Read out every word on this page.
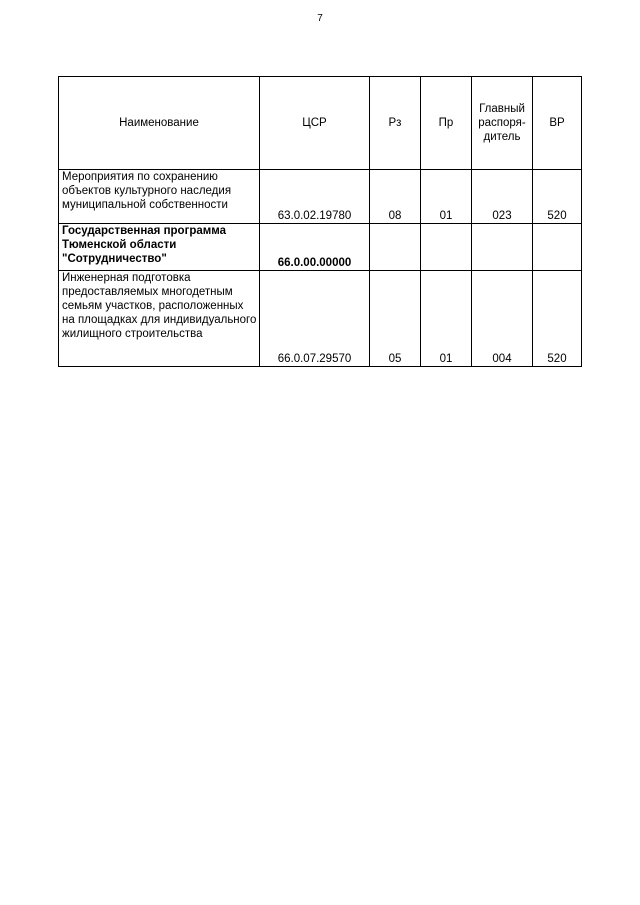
7
Наименование	ЦСР	Рз	Пр	Главный распоря-дитель	ВР
Мероприятия по сохранению объектов культурного наследия муниципальной собственности	63.0.02.19780	08	01	023	520
Государственная программа Тюменской области "Сотрудничество"	66.0.00.00000				
Инженерная подготовка предоставляемых многодетным семьям участков, расположенных на площадках для индивидуального жилищного строительства	66.0.07.29570	05	01	004	520
